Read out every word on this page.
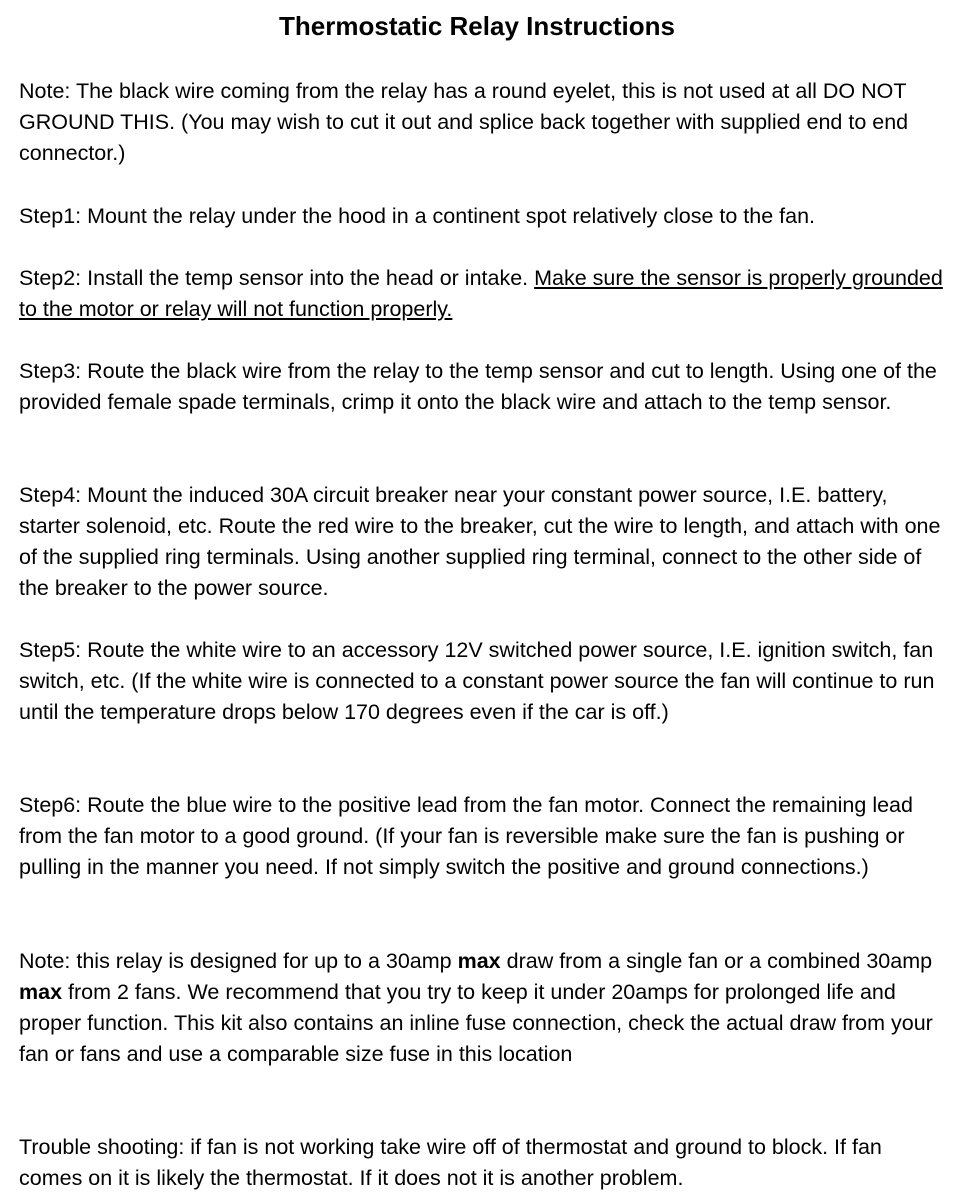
Thermostatic Relay Instructions

Note: The black wire coming from the relay has a round eyelet, this is not used at all DO NOT GROUND THIS. (You may wish to cut it out and splice back together with supplied end to end connector.)

Step1: Mount the relay under the hood in a continent spot relatively close to the fan.

Step2: Install the temp sensor into the head or intake. Make sure the sensor is properly grounded to the motor or relay will not function properly.

Step3: Route the black wire from the relay to the temp sensor and cut to length. Using one of the provided female spade terminals, crimp it onto the black wire and attach to the temp sensor.

Step4: Mount the induced 30A circuit breaker near your constant power source, I.E. battery, starter solenoid, etc. Route the red wire to the breaker, cut the wire to length, and attach with one of the supplied ring terminals. Using another supplied ring terminal, connect to the other side of the breaker to the power source.

Step5: Route the white wire to an accessory 12V switched power source, I.E. ignition switch, fan switch, etc. (If the white wire is connected to a constant power source the fan will continue to run until the temperature drops below 170 degrees even if the car is off.)

Step6: Route the blue wire to the positive lead from the fan motor. Connect the remaining lead from the fan motor to a good ground. (If your fan is reversible make sure the fan is pushing or pulling in the manner you need. If not simply switch the positive and ground connections.)

Note: this relay is designed for up to a 30amp max draw from a single fan or a combined 30amp max from 2 fans. We recommend that you try to keep it under 20amps for prolonged life and proper function. This kit also contains an inline fuse connection, check the actual draw from your fan or fans and use a comparable size fuse in this location

Trouble shooting: if fan is not working take wire off of thermostat and ground to block. If fan comes on it is likely the thermostat. If it does not it is another problem.
